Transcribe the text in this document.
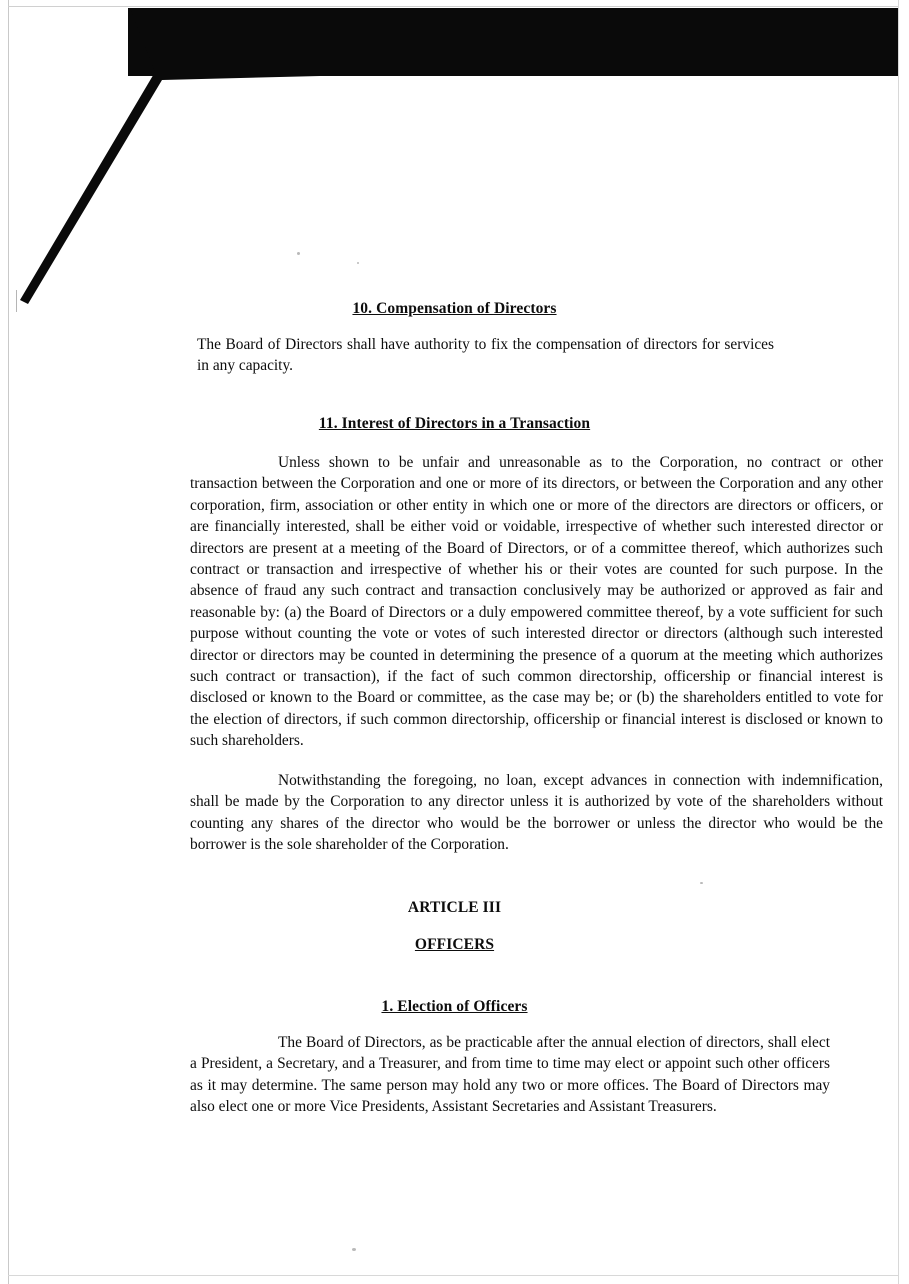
10. Compensation of Directors

The Board of Directors shall have authority to fix the compensation of directors for services in any capacity.

11. Interest of Directors in a Transaction

Unless shown to be unfair and unreasonable as to the Corporation, no contract or other transaction between the Corporation and one or more of its directors, or between the Corporation and any other corporation, firm, association or other entity in which one or more of the directors are directors or officers, or are financially interested, shall be either void or voidable, irrespective of whether such interested director or directors are present at a meeting of the Board of Directors, or of a committee thereof, which authorizes such contract or transaction and irrespective of whether his or their votes are counted for such purpose. In the absence of fraud any such contract and transaction conclusively may be authorized or approved as fair and reasonable by: (a) the Board of Directors or a duly empowered committee thereof, by a vote sufficient for such purpose without counting the vote or votes of such interested director or directors (although such interested director or directors may be counted in determining the presence of a quorum at the meeting which authorizes such contract or transaction), if the fact of such common directorship, officership or financial interest is disclosed or known to the Board or committee, as the case may be; or (b) the shareholders entitled to vote for the election of directors, if such common directorship, officership or financial interest is disclosed or known to such shareholders.

Notwithstanding the foregoing, no loan, except advances in connection with indemnification, shall be made by the Corporation to any director unless it is authorized by vote of the shareholders without counting any shares of the director who would be the borrower or unless the director who would be the borrower is the sole shareholder of the Corporation.

ARTICLE III
OFFICERS
1. Election of Officers

The Board of Directors, as be practicable after the annual election of directors, shall elect a President, a Secretary, and a Treasurer, and from time to time may elect or appoint such other officers as it may determine. The same person may hold any two or more offices. The Board of Directors may also elect one or more Vice Presidents, Assistant Secretaries and Assistant Treasurers.
